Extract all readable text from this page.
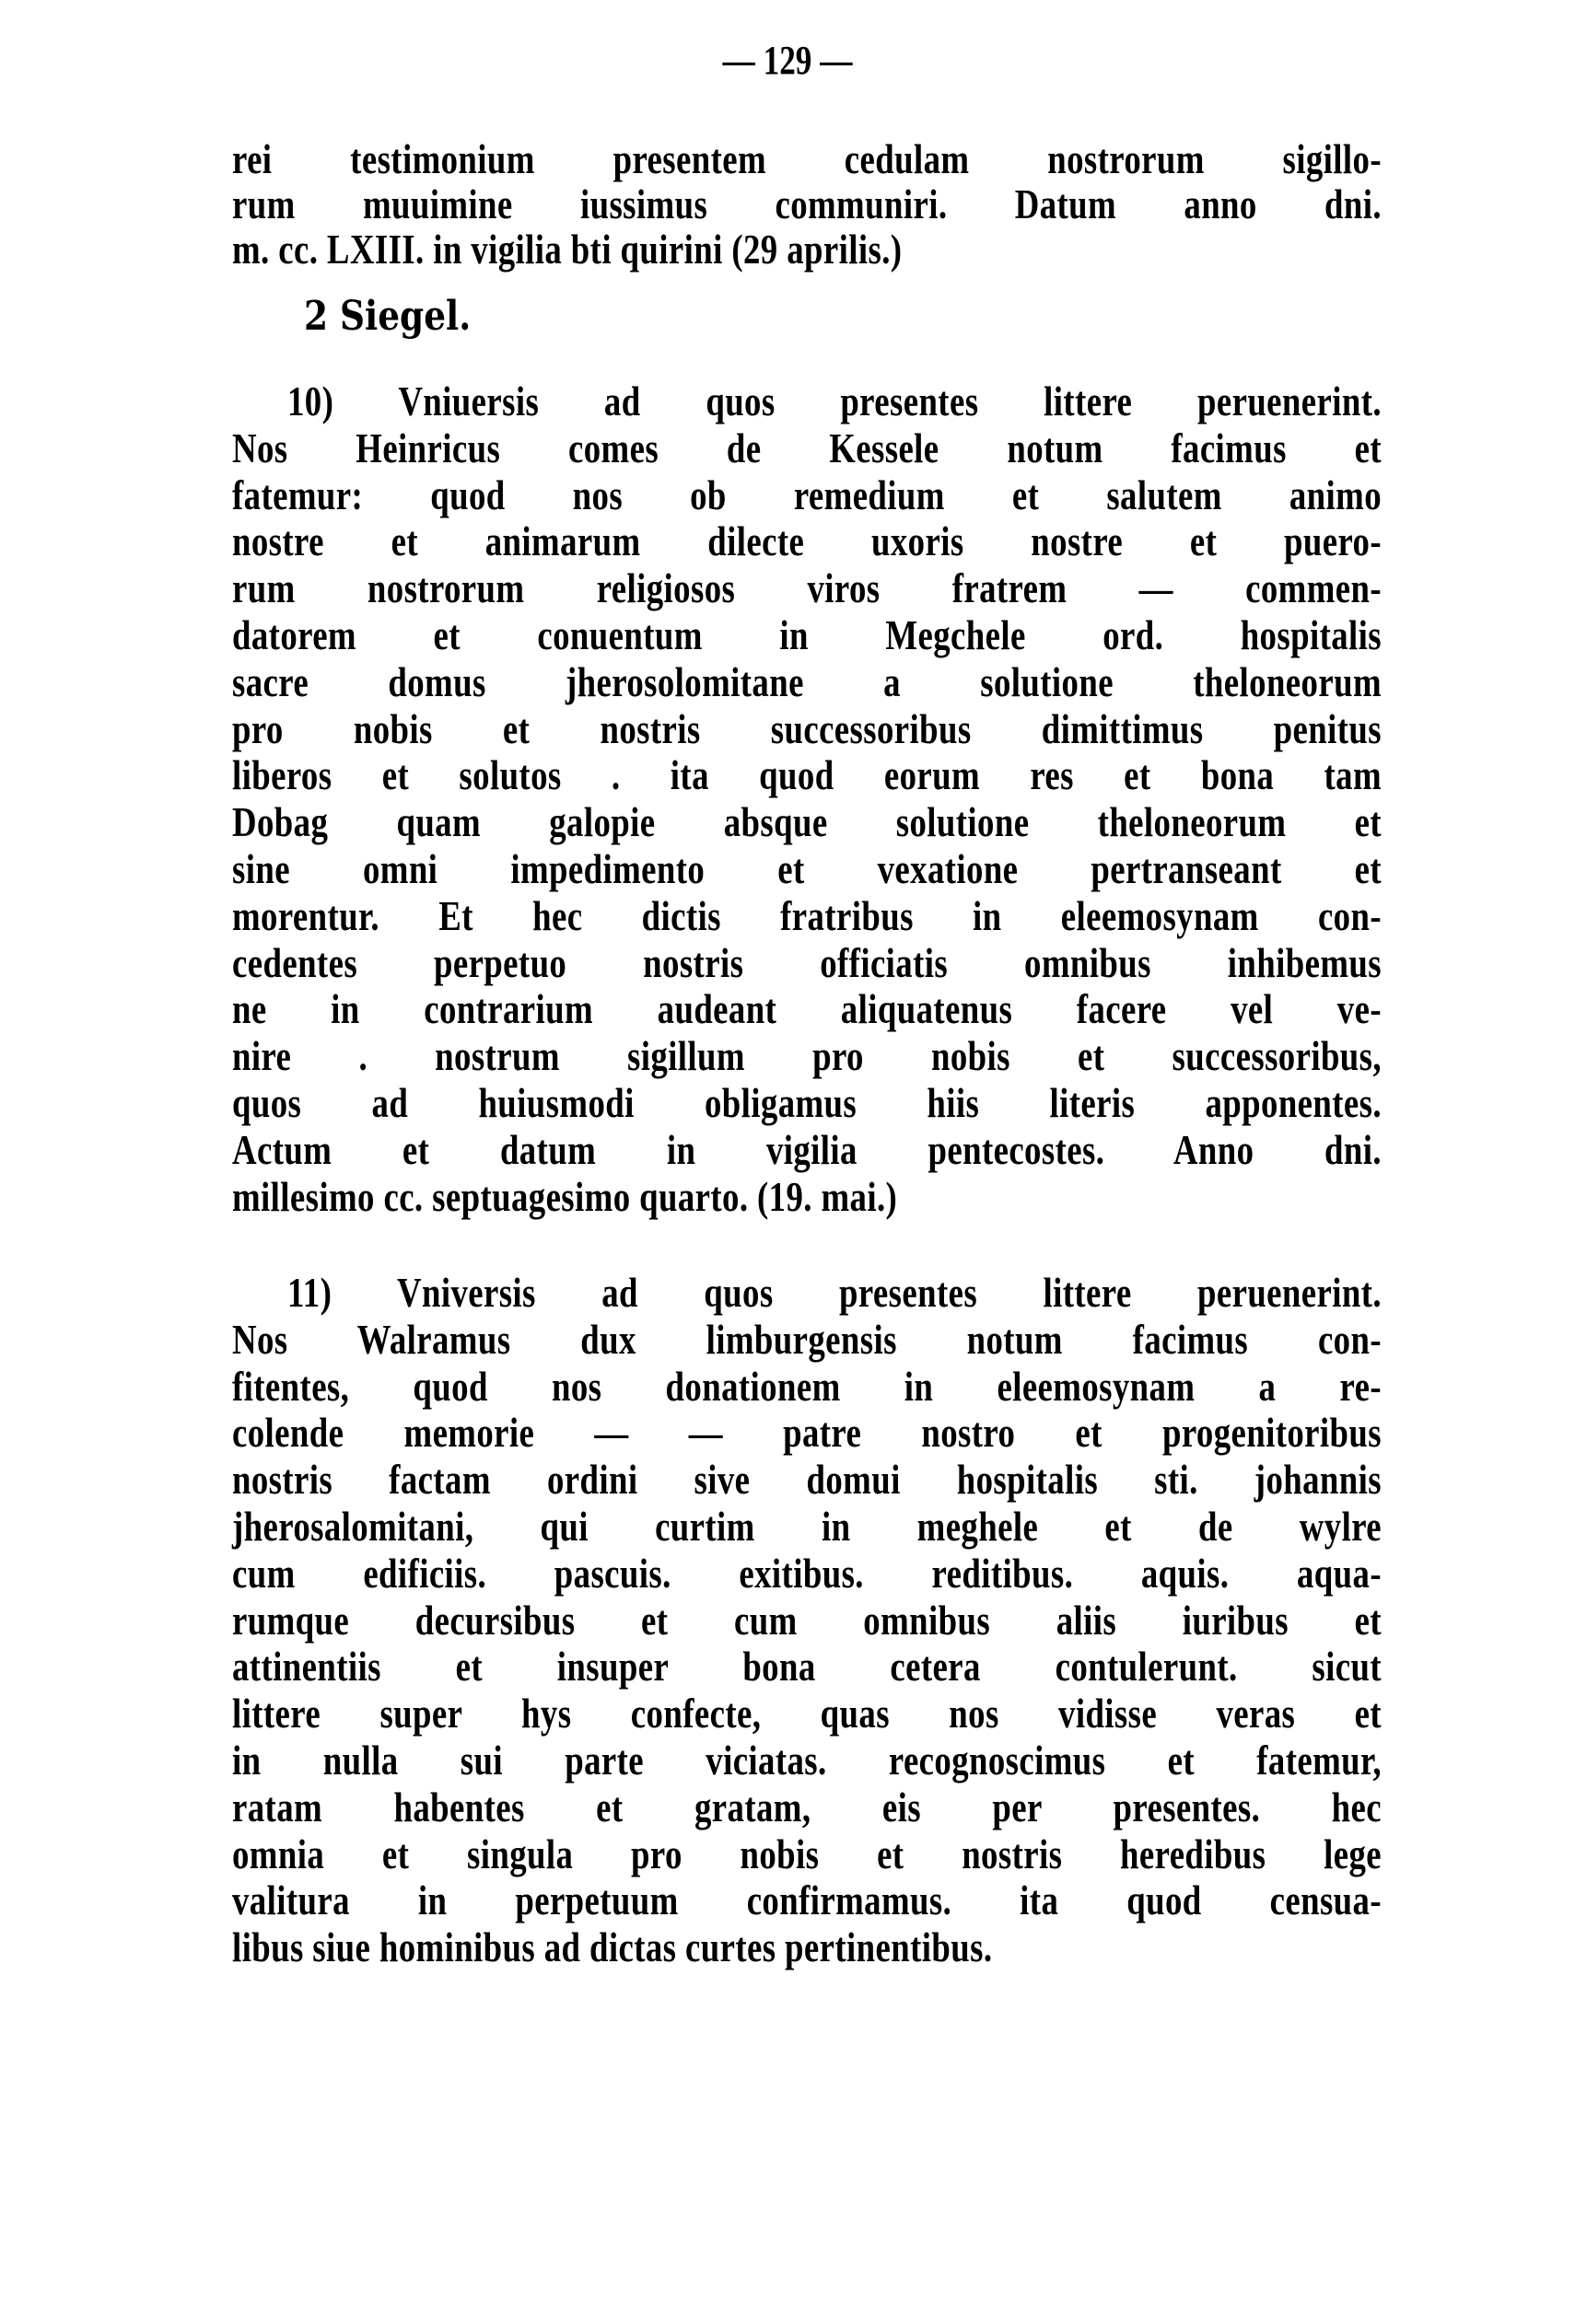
— 129 —
rei testimonium presentem cedulam nostrorum sigillo-
rum muuimine iussimus communiri. Datum anno dni.
m. cc. LXIII. in vigilia bti quirini (29 aprilis.)
2 Siegel.
10) Vniuersis ad quos presentes littere peruenerint.
Nos Heinricus comes de Kessele notum facimus et
fatemur: quod nos ob remedium et salutem animo
nostre et animarum dilecte uxoris nostre et puero-
rum nostrorum religiosos viros fratrem — commen-
datorem et conuentum in Megchele ord. hospitalis
sacre domus jherosolomitane a solutione theloneorum
pro nobis et nostris successoribus dimittimus penitus
liberos et solutos . ita quod eorum res et bona tam
Dobag quam galopie absque solutione theloneorum et
sine omni impedimento et vexatione pertranseant et
morentur. Et hec dictis fratribus in eleemosynam con-
cedentes perpetuo nostris officiatis omnibus inhibemus
ne in contrarium audeant aliquatenus facere vel ve-
nire . nostrum sigillum pro nobis et successoribus,
quos ad huiusmodi obligamus hiis literis apponentes.
Actum et datum in vigilia pentecostes. Anno dni.
millesimo cc. septuagesimo quarto. (19. mai.)
11) Vniversis ad quos presentes littere peruenerint.
Nos Walramus dux limburgensis notum facimus con-
fitentes, quod nos donationem in eleemosynam a re-
colende memorie — — patre nostro et progenitoribus
nostris factam ordini sive domui hospitalis sti. johannis
jherosalomitani, qui curtim in meghele et de wylre
cum edificiis. pascuis. exitibus. reditibus. aquis. aqua-
rumque decursibus et cum omnibus aliis iuribus et
attinentiis et insuper bona cetera contulerunt. sicut
littere super hys confecte, quas nos vidisse veras et
in nulla sui parte viciatas. recognoscimus et fatemur,
ratam habentes et gratam, eis per presentes. hec
omnia et singula pro nobis et nostris heredibus lege
valitura in perpetuum confirmamus. ita quod censua-
libus siue hominibus ad dictas curtes pertinentibus.
